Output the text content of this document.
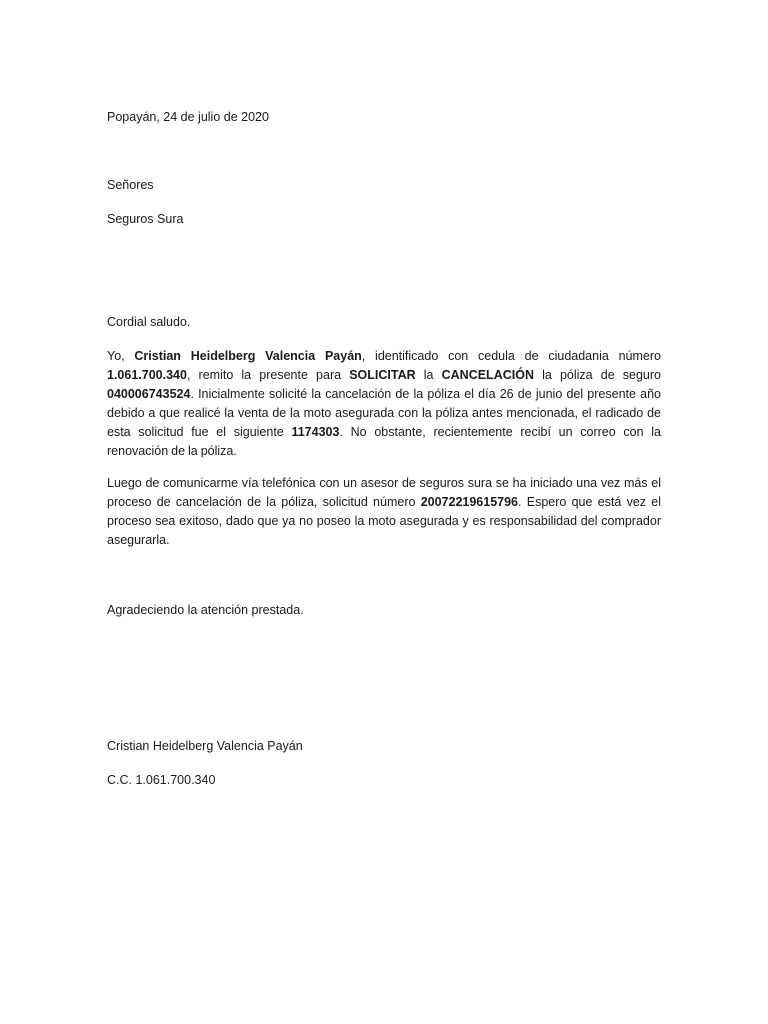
Popayán, 24 de julio de 2020
Señores
Seguros Sura
Cordial saludo.
Yo, Cristian Heidelberg Valencia Payán, identificado con cedula de ciudadania número 1.061.700.340, remito la presente para SOLICITAR la CANCELACIÓN la póliza de seguro 040006743524. Inicialmente solicité la cancelación de la póliza el día 26 de junio del presente año debido a que realicé la venta de la moto asegurada con la póliza antes mencionada, el radicado de esta solicitud fue el siguiente 1174303. No obstante, recientemente recibí un correo con la renovación de la póliza.
Luego de comunicarme vía telefónica con un asesor de seguros sura se ha iniciado una vez más el proceso de cancelación de la póliza, solicitud número 20072219615796. Espero que está vez el proceso sea exitoso, dado que ya no poseo la moto asegurada y es responsabilidad del comprador asegurarla.
Agradeciendo la atención prestada.
Cristian Heidelberg Valencia Payán
C.C. 1.061.700.340
